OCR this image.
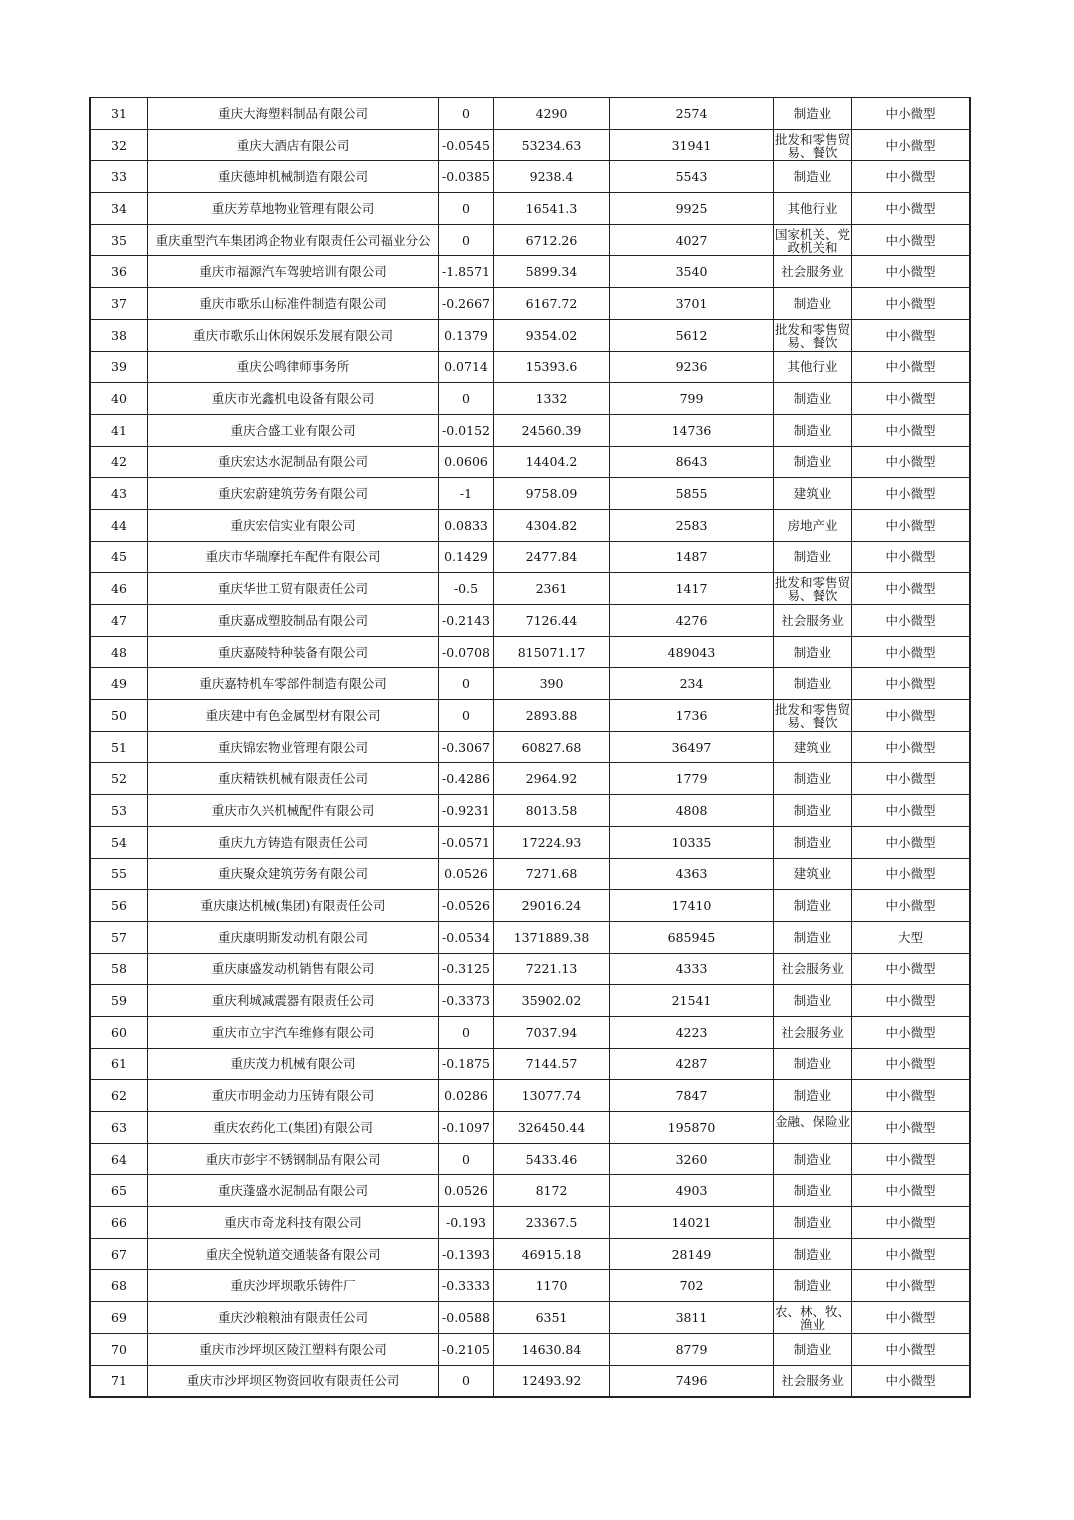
31	重庆大海塑料制品有限公司	0	4290	2574	制造业	中小微型
32	重庆大酒店有限公司	-0.0545	53234.63	31941	批发和零售贸易、餐饮	中小微型
33	重庆德坤机械制造有限公司	-0.0385	9238.4	5543	制造业	中小微型
34	重庆芳草地物业管理有限公司	0	16541.3	9925	其他行业	中小微型
35	重庆重型汽车集团鸿企物业有限责任公司福业分公	0	6712.26	4027	国家机关、党政机关和	中小微型
36	重庆市福源汽车驾驶培训有限公司	-1.8571	5899.34	3540	社会服务业	中小微型
37	重庆市歌乐山标准件制造有限公司	-0.2667	6167.72	3701	制造业	中小微型
38	重庆市歌乐山休闲娱乐发展有限公司	0.1379	9354.02	5612	批发和零售贸易、餐饮	中小微型
39	重庆公鸣律师事务所	0.0714	15393.6	9236	其他行业	中小微型
40	重庆市光鑫机电设备有限公司	0	1332	799	制造业	中小微型
41	重庆合盛工业有限公司	-0.0152	24560.39	14736	制造业	中小微型
42	重庆宏达水泥制品有限公司	0.0606	14404.2	8643	制造业	中小微型
43	重庆宏蔚建筑劳务有限公司	-1	9758.09	5855	建筑业	中小微型
44	重庆宏信实业有限公司	0.0833	4304.82	2583	房地产业	中小微型
45	重庆市华瑞摩托车配件有限公司	0.1429	2477.84	1487	制造业	中小微型
46	重庆华世工贸有限责任公司	-0.5	2361	1417	批发和零售贸易、餐饮	中小微型
47	重庆嘉成塑胶制品有限公司	-0.2143	7126.44	4276	社会服务业	中小微型
48	重庆嘉陵特种装备有限公司	-0.0708	815071.17	489043	制造业	中小微型
49	重庆嘉特机车零部件制造有限公司	0	390	234	制造业	中小微型
50	重庆建中有色金属型材有限公司	0	2893.88	1736	批发和零售贸易、餐饮	中小微型
51	重庆锦宏物业管理有限公司	-0.3067	60827.68	36497	建筑业	中小微型
52	重庆精铁机械有限责任公司	-0.4286	2964.92	1779	制造业	中小微型
53	重庆市久兴机械配件有限公司	-0.9231	8013.58	4808	制造业	中小微型
54	重庆九方铸造有限责任公司	-0.0571	17224.93	10335	制造业	中小微型
55	重庆聚众建筑劳务有限公司	0.0526	7271.68	4363	建筑业	中小微型
56	重庆康达机械(集团)有限责任公司	-0.0526	29016.24	17410	制造业	中小微型
57	重庆康明斯发动机有限公司	-0.0534	1371889.38	685945	制造业	大型
58	重庆康盛发动机销售有限公司	-0.3125	7221.13	4333	社会服务业	中小微型
59	重庆利城减震器有限责任公司	-0.3373	35902.02	21541	制造业	中小微型
60	重庆市立宇汽车维修有限公司	0	7037.94	4223	社会服务业	中小微型
61	重庆茂力机械有限公司	-0.1875	7144.57	4287	制造业	中小微型
62	重庆市明金动力压铸有限公司	0.0286	13077.74	7847	制造业	中小微型
63	重庆农药化工(集团)有限公司	-0.1097	326450.44	195870	金融、保险业	中小微型
64	重庆市彭宇不锈钢制品有限公司	0	5433.46	3260	制造业	中小微型
65	重庆蓬盛水泥制品有限公司	0.0526	8172	4903	制造业	中小微型
66	重庆市奇龙科技有限公司	-0.193	23367.5	14021	制造业	中小微型
67	重庆全悦轨道交通装备有限公司	-0.1393	46915.18	28149	制造业	中小微型
68	重庆沙坪坝歌乐铸件厂	-0.3333	1170	702	制造业	中小微型
69	重庆沙粮粮油有限责任公司	-0.0588	6351	3811	农、林、牧、渔业	中小微型
70	重庆市沙坪坝区陵江塑料有限公司	-0.2105	14630.84	8779	制造业	中小微型
71	重庆市沙坪坝区物资回收有限责任公司	0	12493.92	7496	社会服务业	中小微型
